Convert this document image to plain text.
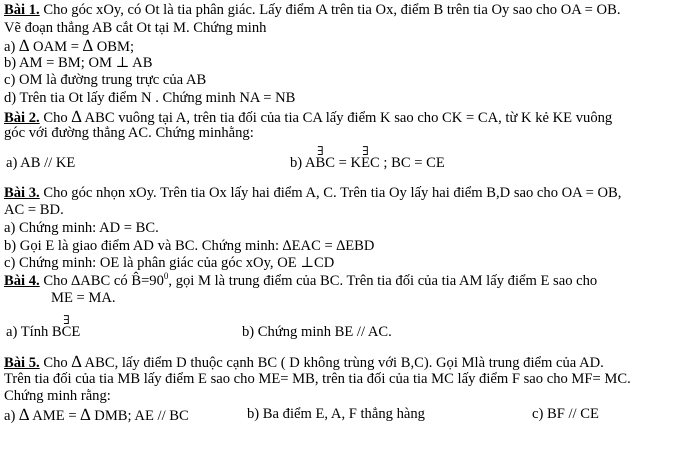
Bài 1. Cho góc xOy, có Ot là tia phân giác. Lấy điểm A trên tia Ox, điểm B trên tia Oy sao cho OA = OB.
Vẽ đoạn thẳng AB cắt Ot tại M. Chứng minh
a) ∆ OAM = ∆ OBM;
b) AM = BM; OM ⊥ AB
c) OM là đường trung trực của AB
d) Trên tia Ot lấy điểm N . Chứng minh NA = NB
Bài 2. Cho ∆ ABC vuông tại A, trên tia đối của tia CA lấy điểm K sao cho CK = CA, từ K kẻ KE vuông
góc với đường thẳng AC. Chứng minhằng:
a) AB // KE	b) A
∃
BC = K
∃
EC ; BC = CE
Bài 3. Cho góc nhọn xOy. Trên tia Ox lấy hai điểm A, C. Trên tia Oy lấy hai điểm B,D sao cho OA = OB,
AC = BD.
a) Chứng minh: AD = BC.
b) Gọi E là giao điểm AD và BC. Chứng minh: ∆EAC = ∆EBD
c) Chứng minh: OE là phân giác của góc xOy, OE ⊥CD
Bài 4. Cho ∆ABC có $B=90^0$, gọi M là trung điểm của BC. Trên tia đối của tia AM lấy điểm E sao cho
ME = MA.
a) Tính B
∃
CE	b) Chứng minh BE // AC.
Bài 5. Cho ∆ ABC, lấy điểm D thuộc cạnh BC ( D không trùng với B,C). Gọi Mlà trung điểm của AD.
Trên tia đối của tia MB lấy điểm E sao cho ME= MB, trên tia đối của tia MC lấy điểm F sao cho MF= MC.
Chứng minh rằng:
a) ∆ AME = ∆ DMB; AE // BC	b) Ba điểm E, A, F thẳng hàng	c) BF // CE
